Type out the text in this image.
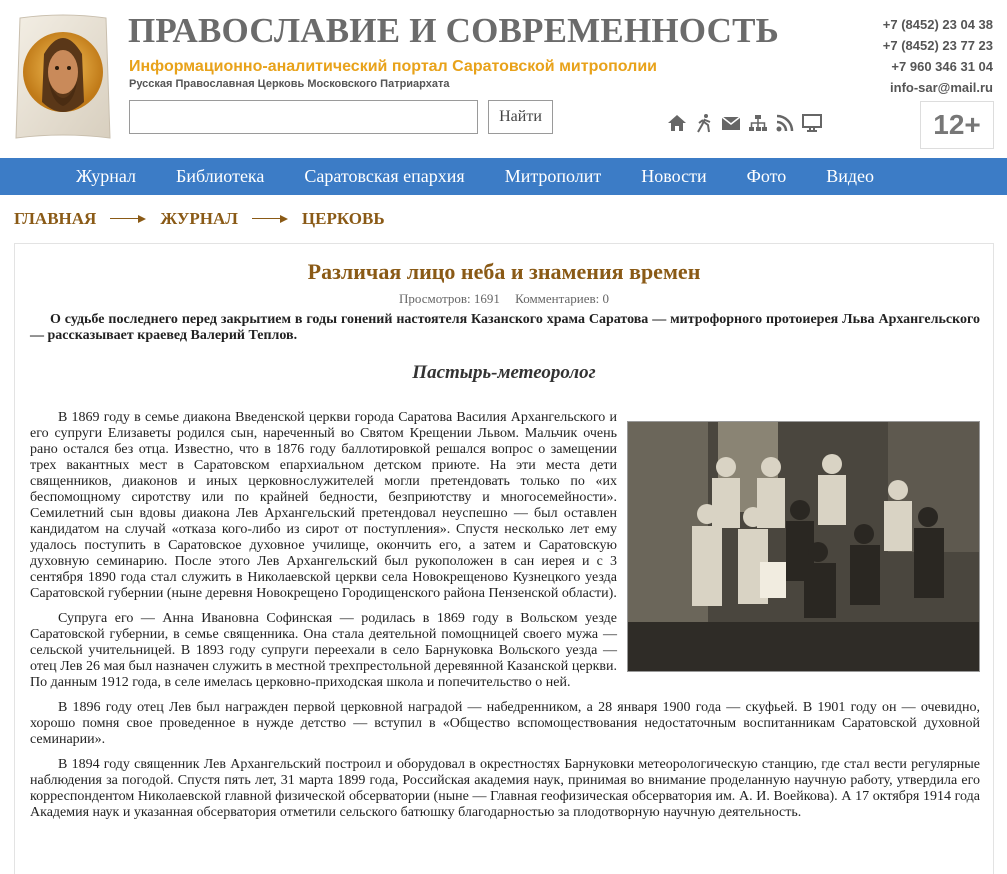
ПРАВОСЛАВИЕ И СОВРЕМЕННОСТЬ
Информационно-аналитический портал Саратовской митрополии
Русская Православная Церковь Московского Патриархата
Найти
+7 (8452) 23 04 38
+7 (8452) 23 77 23
+7 960 346 31 04
info-sar@mail.ru
12+
Журнал	Библиотека	Саратовская епархия	Митрополит	Новости	Фото	Видео
ГЛАВНАЯ	ЖУРНАЛ	ЦЕРКОВЬ
Различая лицо неба и знамения времен
Просмотров: 1691 Комментариев: 0
О судьбе последнего перед закрытием в годы гонений настоятеля Казанского храма Саратова — митрофорного протоиерея Льва Архангельского — рассказывает краевед Валерий Теплов.
Пастырь-метеоролог

В 1869 году в семье диакона Введенской церкви города Саратова Василия Архангельского и его супруги Елизаветы родился сын, нареченный во Святом Крещении Львом. Мальчик очень рано остался без отца. Известно, что в 1876 году баллотировкой решался вопрос о замещении трех вакантных мест в Саратовском епархиальном детском приюте. На эти места дети священников, диаконов и иных церковнослужителей могли претендовать только по «их беспомощному сиротству или по крайней бедности, безприютству и многосемейности». Семилетний сын вдовы диакона Лев Архангельский претендовал неуспешно — был оставлен кандидатом на случай «отказа кого-либо из сирот от поступления». Спустя несколько лет ему удалось поступить в Саратовское духовное училище, окончить его, а затем и Саратовскую духовную семинарию. После этого Лев Архангельский был рукоположен в сан иерея и с 3 сентября 1890 года стал служить в Николаевской церкви села Новокрещеново Кузнецкого уезда Саратовской губернии (ныне деревня Новокрещено Городищенского района Пензенской области).

Супруга его — Анна Ивановна Софинская — родилась в 1869 году в Вольском уезде Саратовской губернии, в семье священника. Она стала деятельной помощницей своего мужа — сельской учительницей. В 1893 году супруги переехали в село Барнуковка Вольского уезда — отец Лев 26 мая был назначен служить в местной трехпрестольной деревянной Казанской церкви. По данным 1912 года, в селе имелась церковно-приходская школа и попечительство о ней.

В 1896 году отец Лев был награжден первой церковной наградой — набедренником, а 28 января 1900 года — скуфьей. В 1901 году он — очевидно, хорошо помня свое проведенное в нужде детство — вступил в «Общество вспомоществования недостаточным воспитанникам Саратовской духовной семинарии».

В 1894 году священник Лев Архангельский построил и оборудовал в окрестностях Барнуковки метеорологическую станцию, где стал вести регулярные наблюдения за погодой. Спустя пять лет, 31 марта 1899 года, Российская академия наук, принимая во внимание проделанную научную работу, утвердила его корреспондентом Николаевской главной физической обсерватории (ныне — Главная геофизическая обсерватория им. А. И. Воейкова). А 17 октября 1914 года Академия наук и указанная обсерватория отметили сельского батюшку благодарностью за плодотворную научную деятельность.
